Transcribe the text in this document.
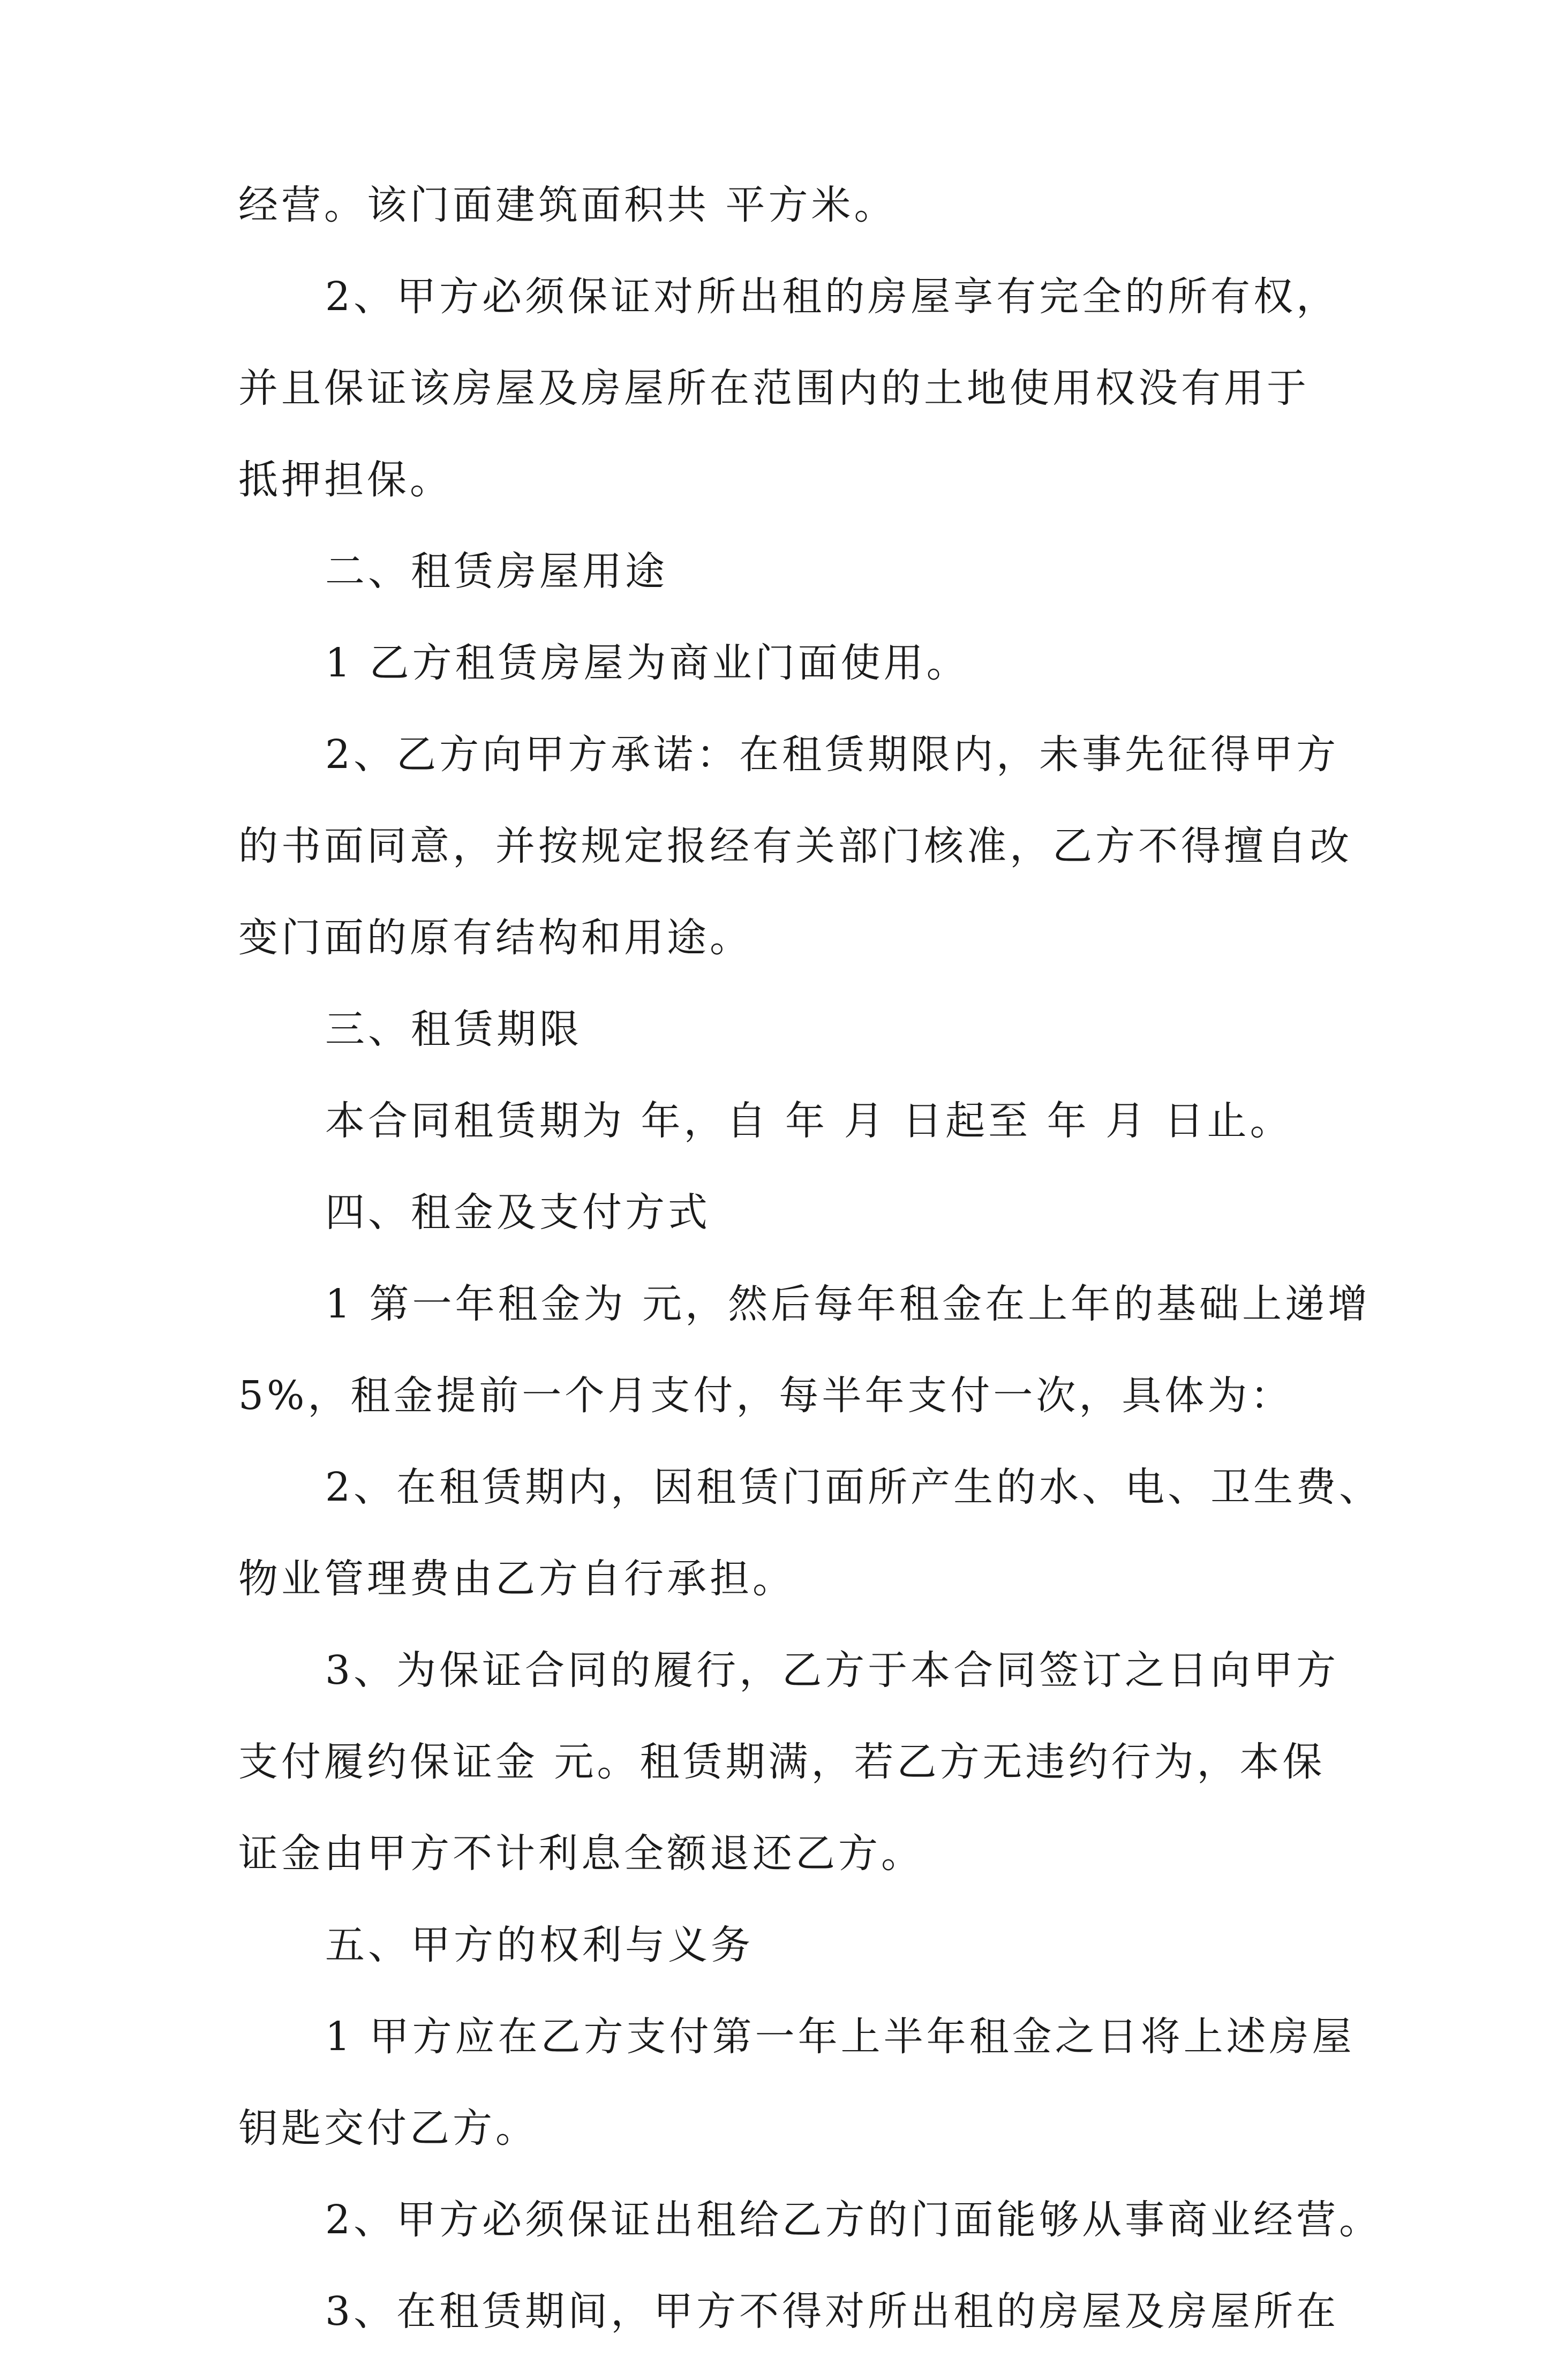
经营。该门面建筑面积共 平方米。

2、甲方必须保证对所出租的房屋享有完全的所有权，

并且保证该房屋及房屋所在范围内的土地使用权没有用于

抵押担保。

二、租赁房屋用途

1 乙方租赁房屋为商业门面使用。

2、乙方向甲方承诺：在租赁期限内，未事先征得甲方

的书面同意，并按规定报经有关部门核准，乙方不得擅自改

变门面的原有结构和用途。

三、租赁期限

本合同租赁期为 年，自 年 月 日起至 年 月 日止。

四、租金及支付方式

1 第一年租金为 元，然后每年租金在上年的基础上递增

5%，租金提前一个月支付，每半年支付一次，具体为：

2、在租赁期内，因租赁门面所产生的水、电、卫生费、

物业管理费由乙方自行承担。

3、为保证合同的履行，乙方于本合同签订之日向甲方

支付履约保证金 元。租赁期满，若乙方无违约行为，本保

证金由甲方不计利息全额退还乙方。

五、甲方的权利与义务

1 甲方应在乙方支付第一年上半年租金之日将上述房屋

钥匙交付乙方。

2、甲方必须保证出租给乙方的门面能够从事商业经营。

3、在租赁期间，甲方不得对所出租的房屋及房屋所在
